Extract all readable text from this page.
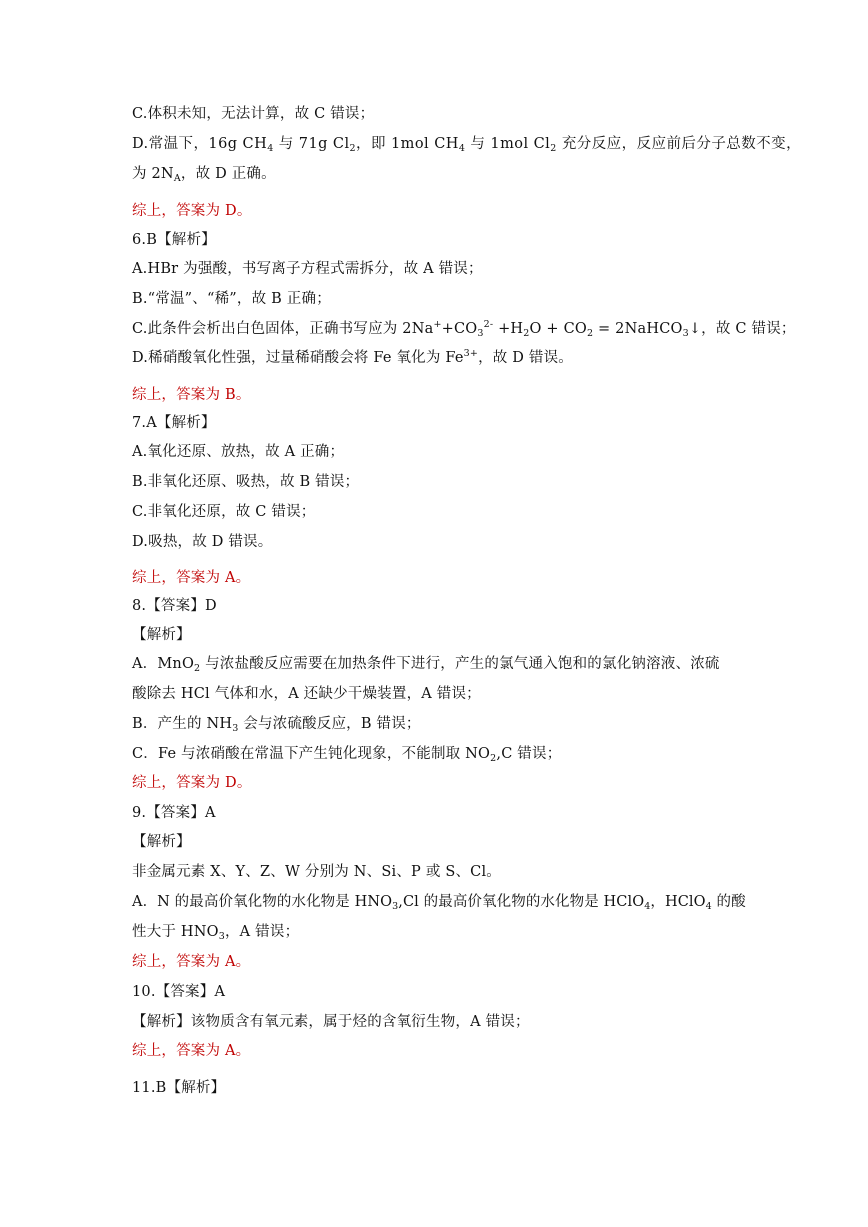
C.体积未知，无法计算，故 C 错误；
D.常温下，16g $CH_4$ 与 71g $Cl_2$，即 1mol $CH_4$ 与 1mol $Cl_2$ 充分反应，反应前后分子总数不变，
为 $2N_A$，故 D 正确。
综上，答案为 D。
6.B【解析】
A.HBr 为强酸，书写离子方程式需拆分，故 A 错误；
B.“常温”、“稀”，故 B 正确；
C.此条件会析出白色固体，正确书写应为 $2Na^++CO_3^{2-} +H_2O + CO_2$ = 2NaHCO$_3$↓，故 C 错误；
D.稀硝酸氧化性强，过量稀硝酸会将 Fe 氧化为 $Fe^{3+}$，故 D 错误。
综上，答案为 B。
7.A【解析】
A.氧化还原、放热，故 A 正确；
B.非氧化还原、吸热，故 B 错误；
C.非氧化还原，故 C 错误；
D.吸热，故 D 错误。
综上，答案为 A。
8.【答案】D
【解析】
A．MnO$_2$ 与浓盐酸反应需要在加热条件下进行，产生的氯气通入饱和的氯化钠溶液、浓硫
酸除去 HCl 气体和水，A 还缺少干燥装置，A 错误；
B．产生的 $NH_3$ 会与浓硫酸反应，B 错误；
C．Fe 与浓硝酸在常温下产生钝化现象，不能制取 $NO_2,C$ 错误；
综上，答案为 D。
9.【答案】A
【解析】
非金属元素 X、Y、Z、W 分别为 N、Si、P 或 S、Cl。
A．N 的最高价氧化物的水化物是 $HNO_3,Cl$ 的最高价氧化物的水化物是 HClO$_4$，HClO$_4$ 的酸
性大于 $HNO_3$，A 错误；
综上，答案为 A。
10.【答案】A
【解析】该物质含有氧元素，属于烃的含氧衍生物，A 错误；
综上，答案为 A。
11.B【解析】
